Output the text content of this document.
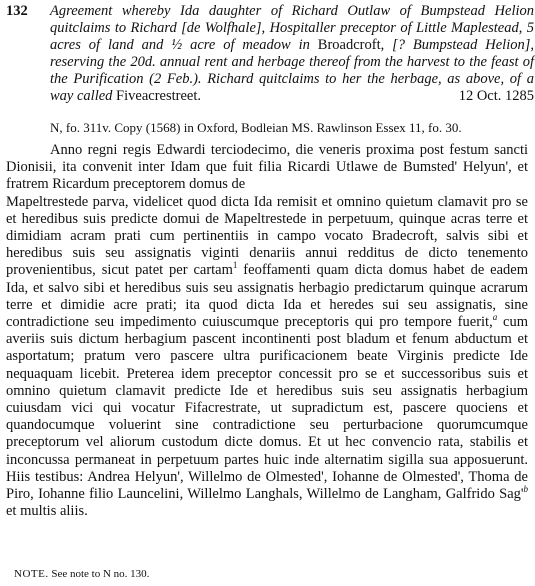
132 Agreement whereby Ida daughter of Richard Outlaw of Bumpstead Helion quitclaims to Richard [de Wolfhale], Hospitaller preceptor of Little Maplestead, 5 acres of land and ½ acre of meadow in Broadcroft, [? Bumpstead Helion], reserving the 20d. annual rent and herbage thereof from the harvest to the feast of the Purification (2 Feb.). Richard quitclaims to her the herbage, as above, of a way called Fiveacrestreet.	12 Oct. 1285
N, fo. 311v. Copy (1568) in Oxford, Bodleian MS. Rawlinson Essex 11, fo. 30.

Anno regni regis Edwardi terciodecimo, die veneris proxima post festum sancti Dionisii, ita convenit inter Idam que fuit filia Ricardi Utlawe de Bumsted' Helyun', et fratrem Ricardum preceptorem domus de

Mapeltrestede parva, videlicet quod dicta Ida remisit et omnino quietum clamavit pro se et heredibus suis predicte domui de Mapeltrestede in perpetuum, quinque acras terre et dimidiam acram prati cum pertinentiis in campo vocato Bradecroft, salvis sibi et heredibus suis seu assignatis viginti denariis annui redditus de dicto tenemento provenientibus, sicut patet per cartam$^1$ feoffamenti quam dicta domus habet de eadem Ida, et salvo sibi et heredibus suis seu assignatis herbagio predictarum quinque acrarum terre et dimidie acre prati; ita quod dicta Ida et heredes sui seu assignatis, sine contradictione seu impedimento cuiuscumque preceptoris qui pro tempore fuerit,$^a$ cum averiis suis dictum herbagium pascent incontinenti post bladum et fenum abductum et asportatum; pratum vero pascere ultra purificacionem beate Virginis predicte Ide nequaquam licebit. Preterea idem preceptor concessit pro se et successoribus suis et omnino quietum clamavit predicte Ide et heredibus suis seu assignatis herbagium cuiusdam vici qui vocatur Fifacrestrate, ut supradictum est, pascere quociens et quandocumque voluerint sine contradictione seu perturbacione quorumcumque preceptorum vel aliorum custodum dicte domus. Et ut hec convencio rata, stabilis et inconcussa permaneat in perpetuum partes huic inde alternatim sigilla sua apposuerunt. Hiis testibus: Andrea Helyun', Willelmo de Olmested', Iohanne de Olmested', Thoma de Piro, Iohanne filio Launcelini, Willelmo Langhals, Willelmo de Langham, Galfrido $Sag'^b$ et multis aliis.

NOTE. See note to N no. 130.
